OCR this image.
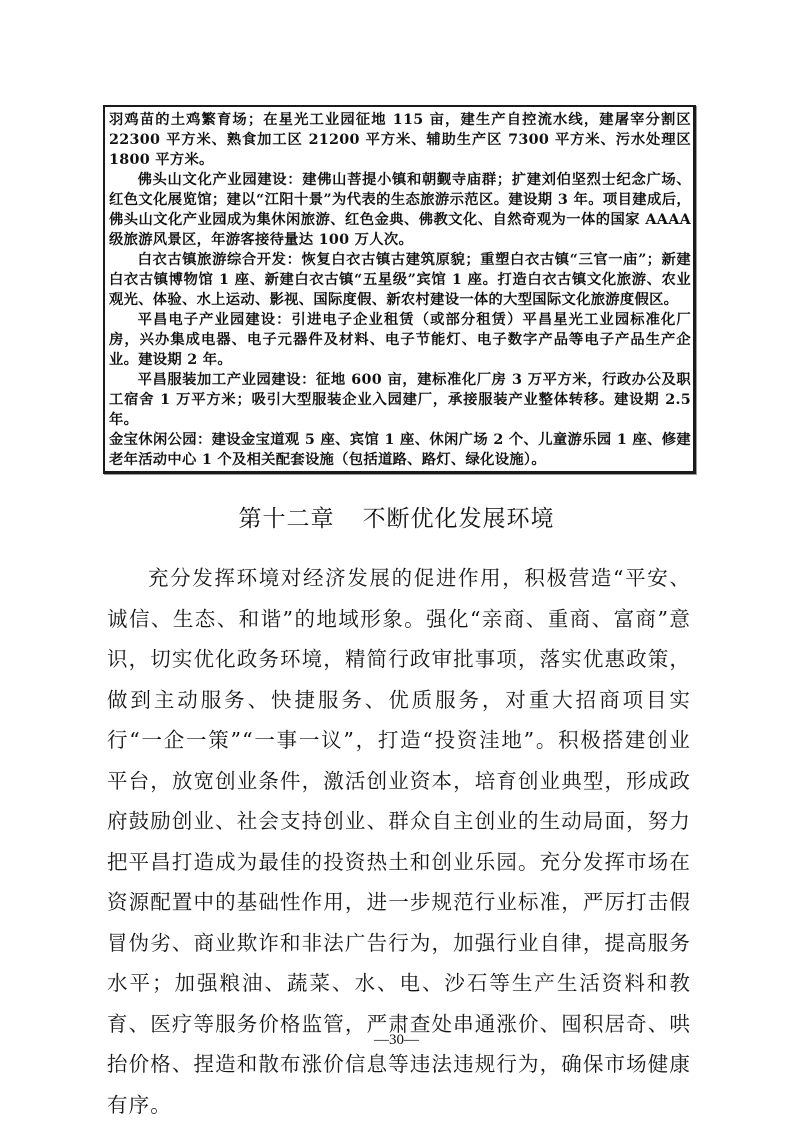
羽鸡苗的土鸡繁育场；在星光工业园征地 115 亩，建生产自控流水线，建屠宰分割区 22300 平方米、熟食加工区 21200 平方米、辅助生产区 7300 平方米、污水处理区 1800 平方米。

佛头山文化产业园建设：建佛山菩提小镇和朝觐寺庙群；扩建刘伯坚烈士纪念广场、红色文化展览馆；建以“江阳十景”为代表的生态旅游示范区。建设期 3 年。项目建成后，佛头山文化产业园成为集休闲旅游、红色金典、佛教文化、自然奇观为一体的国家 AAAA 级旅游风景区，年游客接待量达 100 万人次。

白衣古镇旅游综合开发：恢复白衣古镇古建筑原貌；重塑白衣古镇“三官一庙”；新建白衣古镇博物馆 1 座、新建白衣古镇“五星级”宾馆 1 座。打造白衣古镇文化旅游、农业观光、体验、水上运动、影视、国际度假、新农村建设一体的大型国际文化旅游度假区。

平昌电子产业园建设：引进电子企业租赁（或部分租赁）平昌星光工业园标准化厂房，兴办集成电器、电子元器件及材料、电子节能灯、电子数字产品等电子产品生产企业。建设期 2 年。

平昌服装加工产业园建设：征地 600 亩，建标准化厂房 3 万平方米，行政办公及职工宿舍 1 万平方米；吸引大型服装企业入园建厂，承接服装产业整体转移。建设期 2.5 年。

金宝休闲公园：建设金宝道观 5 座、宾馆 1 座、休闲广场 2 个、儿童游乐园 1 座、修建老年活动中心 1 个及相关配套设施（包括道路、路灯、绿化设施）。

第十二章 不断优化发展环境

充分发挥环境对经济发展的促进作用，积极营造“平安、诚信、生态、和谐”的地域形象。强化“亲商、重商、富商”意识，切实优化政务环境，精简行政审批事项，落实优惠政策，做到主动服务、快捷服务、优质服务，对重大招商项目实行“一企一策”“一事一议”，打造“投资洼地”。积极搭建创业平台，放宽创业条件，激活创业资本，培育创业典型，形成政府鼓励创业、社会支持创业、群众自主创业的生动局面，努力把平昌打造成为最佳的投资热土和创业乐园。充分发挥市场在资源配置中的基础性作用，进一步规范行业标准，严厉打击假冒伪劣、商业欺诈和非法广告行为，加强行业自律，提高服务水平；加强粮油、蔬菜、水、电、沙石等生产生活资料和教育、医疗等服务价格监管，严肃查处串通涨价、囤积居奇、哄抬价格、捏造和散布涨价信息等违法违规行为，确保市场健康有序。

—30—
